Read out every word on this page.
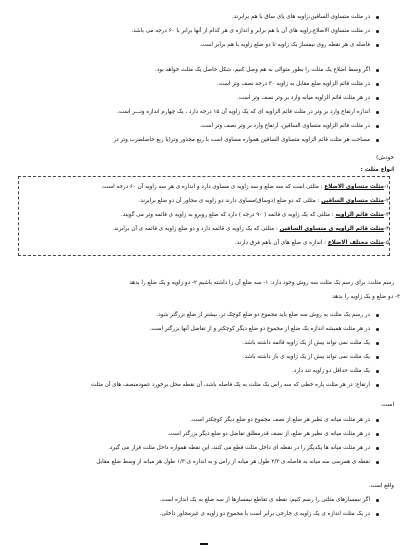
در مثلث متساوی الساقین،زاویه های پای ساق با هم برابرند.
در مثلث متساوی الاضلاع،زاویه های آن با هم برابر و اندازه ی هر کدام از آنها برابر با ۶۰ درجه می باشد.
فاصله ی هر نقطه روی نیمساز یک زاویه تا دو ضلع زاویه با هم برابر است.
اگر وسط اضلاع یک مثلث را بطور متوالی به هم وصل کنیم، شکل حاصل یک مثلث خواهد بود.
در مثلث قائم الزاویه ضلع مقابل به زاویه ۳۰ درجه نصف وتر است.
در هر مثلث قائم الزاویه میانه وارد بر وتر نصف وتر است.
اندازه ارتفاع وارد بر وتر در مثلث قائم الزاویه ای که یک زاویه آن ۱۵ درجه دارد ، یک چهارم اندازه وتـــر است.
در مثلث قائم الزاویه متساوی الساقین، ارتفاع وارد بر وتر نصف وتر است.
مساحت هر مثلث قائم الزاویه متساوی الساقین همواره مساوی است با ربع مجذور وتر(یا ربع حاصلضرب وتر در

خودش)

انواع مثلث :

۱-مثلث متساوی الاضلاع : مثلثی است که سه ضلع و سه زاویه ی مساوی دارد و اندازه ی هر سه زاویه آن ۶۰ درجه است.

۲-مثلث متساوی الساقین : مثلثی که دو ضلع (دوساق)مساوی دارند دو زاویه ی مجاور آن دو ضلع برابرند.

۳-مثلث قائم الزاویه : مثلثی که یک زاویه ی قائمه ( ۹۰ درجه ) دارد که ضلع روبرو به زاویه ی قائمه وتر می گویند.

۴-مثلث قائم الزاویه ی متساوی الساقین : مثلثی که یک زاویه ی قائمه دارد و دو ضلع زاویه ی قائمه ی آن برابرند.

۵-مثلث مختلف الاضلاع : اندازه ی ضلع های آن باهم فرق دارند.

رسم مثلث: برای رسم یک مثلث سه روش وجود دارد: ۱- سه ضلع آن را داشته باشیم ۲- دو زاویه و یک ضلع را بدهد

۳- دو ضلع و یک زاویه را بدهد

در رسم یک مثلث به روش سه ضلع باید مجموع دو ضلع کوچک تر، بیشتر از ضلع بزرگتر شود.
در هر مثلث همیشه اندازه یک ضلع از مجموع دو ضلع دیگر کوچکتر و از تفاضل آنها بزرگتر است.
یک مثلث نمی تواند بیش از یک زاویه قائمه داشته باشد.
یک مثلث نمی تواند بیش از یک زاویه ی باز داشته باشد.
یک مثلث حداقل دو زاویه تند دارد.
ارتفاع: در هر مثلث پاره خطی که سه رأس یک مثلث به یک فاصله باشد، آن نقطه محل برخورد عمودمنصف های آن مثلث

است.

در هر مثلث میانه ی نظیر هر ضلع از نصف مجموع دو ضلع دیگر کوچکتر است.
در هر مثلث میانه ی نظیر هر ضلع، از نصف قدرمطلق تفاضل دو ضلع دیگر بزرگتر است.
در هر مثلث میانه ها یکدیگر را در نقطه ای داخل مثلث قطع می کنند، این نقطه همواره داخل مثلث قرار می گیرد.
نقطه ی همرسی سه میانه به فاصله ی ۲/۳ طول هر میانه از رأس و به اندازه ی ۱/۳ طول هر میانه از وسط ضلع مقابل

واقع است.

اگر نیمسازهای مثلثی را رسم کنیم، نقطه ی تقاطع نیمسازها از سه ضلع به یک اندازه است.
در یک مثلث اندازه ی یک زاویه ی خارجی برابر است با مجموع دو زاویه ی غیرمجاور داخلی.
